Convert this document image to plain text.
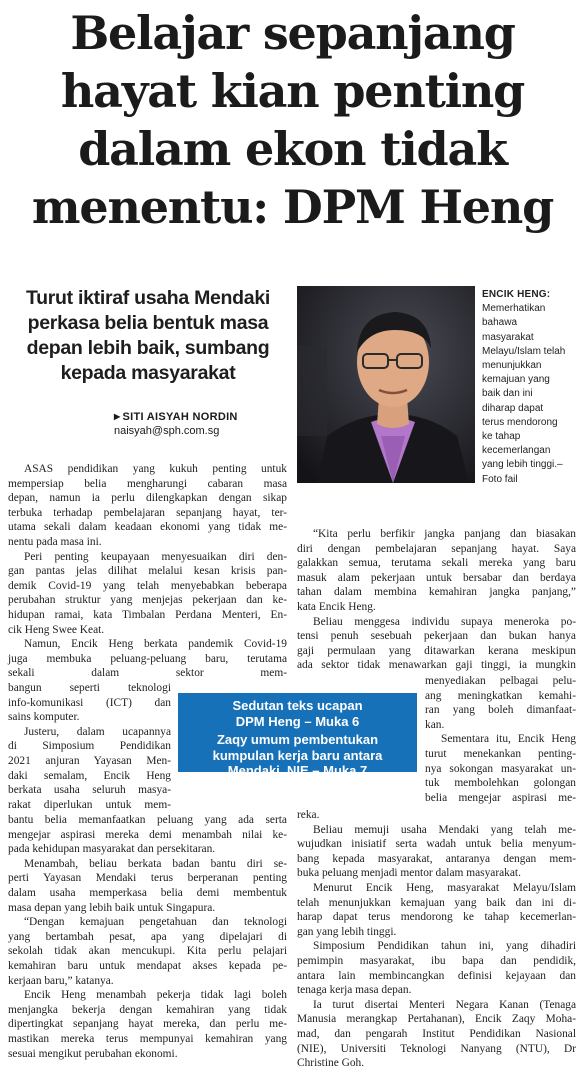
Belajar sepanjang
hayat kian penting
dalam ekon tidak
menentu: DPM Heng
Turut iktiraf usaha Mendaki
perkasa belia bentuk masa
depan lebih baik, sumbang
kepada masyarakat
▶ SITI AISYAH NORDIN
naisyah@sph.com.sg
ENCIK HENG:
Memerhatikan
bahawa
masyarakat
Melayu/Islam telah
menunjukkan
kemajuan yang
baik dan ini
diharap dapat
terus mendorong
ke tahap
kecemerlangan
yang lebih tinggi.–
Foto fail
ASAS pendidikan yang kukuh penting untuk
mempersiap belia mengharungi cabaran masa
depan, namun ia perlu dilengkapkan dengan sikap
terbuka terhadap pembelajaran sepanjang hayat, ter-
utama sekali dalam keadaan ekonomi yang tidak me-
nentu pada masa ini.
Peri penting keupayaan menyesuaikan diri den-
gan pantas jelas dilihat melalui kesan krisis pan-
demik Covid-19 yang telah menyebabkan beberapa
perubahan struktur yang menjejas pekerjaan dan ke-
hidupan ramai, kata Timbalan Perdana Menteri, En-
cik Heng Swee Keat.
Namun, Encik Heng berkata pandemik Covid-19
juga membuka peluang-peluang baru, terutama
sekali dalam sektor mem-
bangun seperti teknologi
info-komunikasi (ICT) dan
sains komputer.
Justeru, dalam ucapannya
di Simposium Pendidikan
2021 anjuran Yayasan Men-
daki semalam, Encik Heng
berkata usaha seluruh masya-
rakat diperlukan untuk mem-
bantu belia memanfaatkan peluang yang ada serta
mengejar aspirasi mereka demi menambah nilai ke-
pada kehidupan masyarakat dan persekitaran.
Menambah, beliau berkata badan bantu diri se-
perti Yayasan Mendaki terus berperanan penting
dalam usaha memperkasa belia demi membentuk
masa depan yang lebih baik untuk Singapura.
“Dengan kemajuan pengetahuan dan teknologi
yang bertambah pesat, apa yang dipelajari di
sekolah tidak akan mencukupi. Kita perlu pelajari
kemahiran baru untuk mendapat akses kepada pe-
kerjaan baru,” katanya.
Encik Heng menambah pekerja tidak lagi boleh
menjangka bekerja dengan kemahiran yang tidak
dipertingkat sepanjang hayat mereka, dan perlu me-
mastikan mereka terus mempunyai kemahiran yang
sesuai mengikut perubahan ekonomi.
“Kita perlu berfikir jangka panjang dan biasakan
diri dengan pembelajaran sepanjang hayat. Saya
galakkan semua, terutama sekali mereka yang baru
masuk alam pekerjaan untuk bersabar dan berdaya
tahan dalam membina kemahiran jangka panjang,”
kata Encik Heng.
Beliau menggesa individu supaya meneroka po-
tensi penuh sesebuah pekerjaan dan bukan hanya
gaji permulaan yang ditawarkan kerana meskipun
ada sektor tidak menawarkan gaji tinggi, ia mungkin
menyediakan pelbagai pelu-
ang meningkatkan kemahi-
ran yang boleh dimanfaat-
kan.
Sementara itu, Encik Heng
turut menekankan penting-
nya sokongan masyarakat un-
tuk membolehkan golongan
belia mengejar aspirasi me-
reka.
Beliau memuji usaha Mendaki yang telah me-
wujudkan inisiatif serta wadah untuk belia menyum-
bang kepada masyarakat, antaranya dengan mem-
buka peluang menjadi mentor dalam masyarakat.
Menurut Encik Heng, masyarakat Melayu/Islam
telah menunjukkan kemajuan yang baik dan ini di-
harap dapat terus mendorong ke tahap kecemerlan-
gan yang lebih tinggi.
Simposium Pendidikan tahun ini, yang dihadiri
pemimpin masyarakat, ibu bapa dan pendidik,
antara lain membincangkan definisi kejayaan dan
tenaga kerja masa depan.
Ia turut disertai Menteri Negara Kanan (Tenaga
Manusia merangkap Pertahanan), Encik Zaqy Moha-
mad, dan pengarah Institut Pendidikan Nasional
(NIE), Universiti Teknologi Nanyang (NTU), Dr
Christine Goh.
Sedutan teks ucapan
DPM Heng – Muka 6
Zaqy umum pembentukan
kumpulan kerja baru antara
Mendaki, NIE – Muka 7
